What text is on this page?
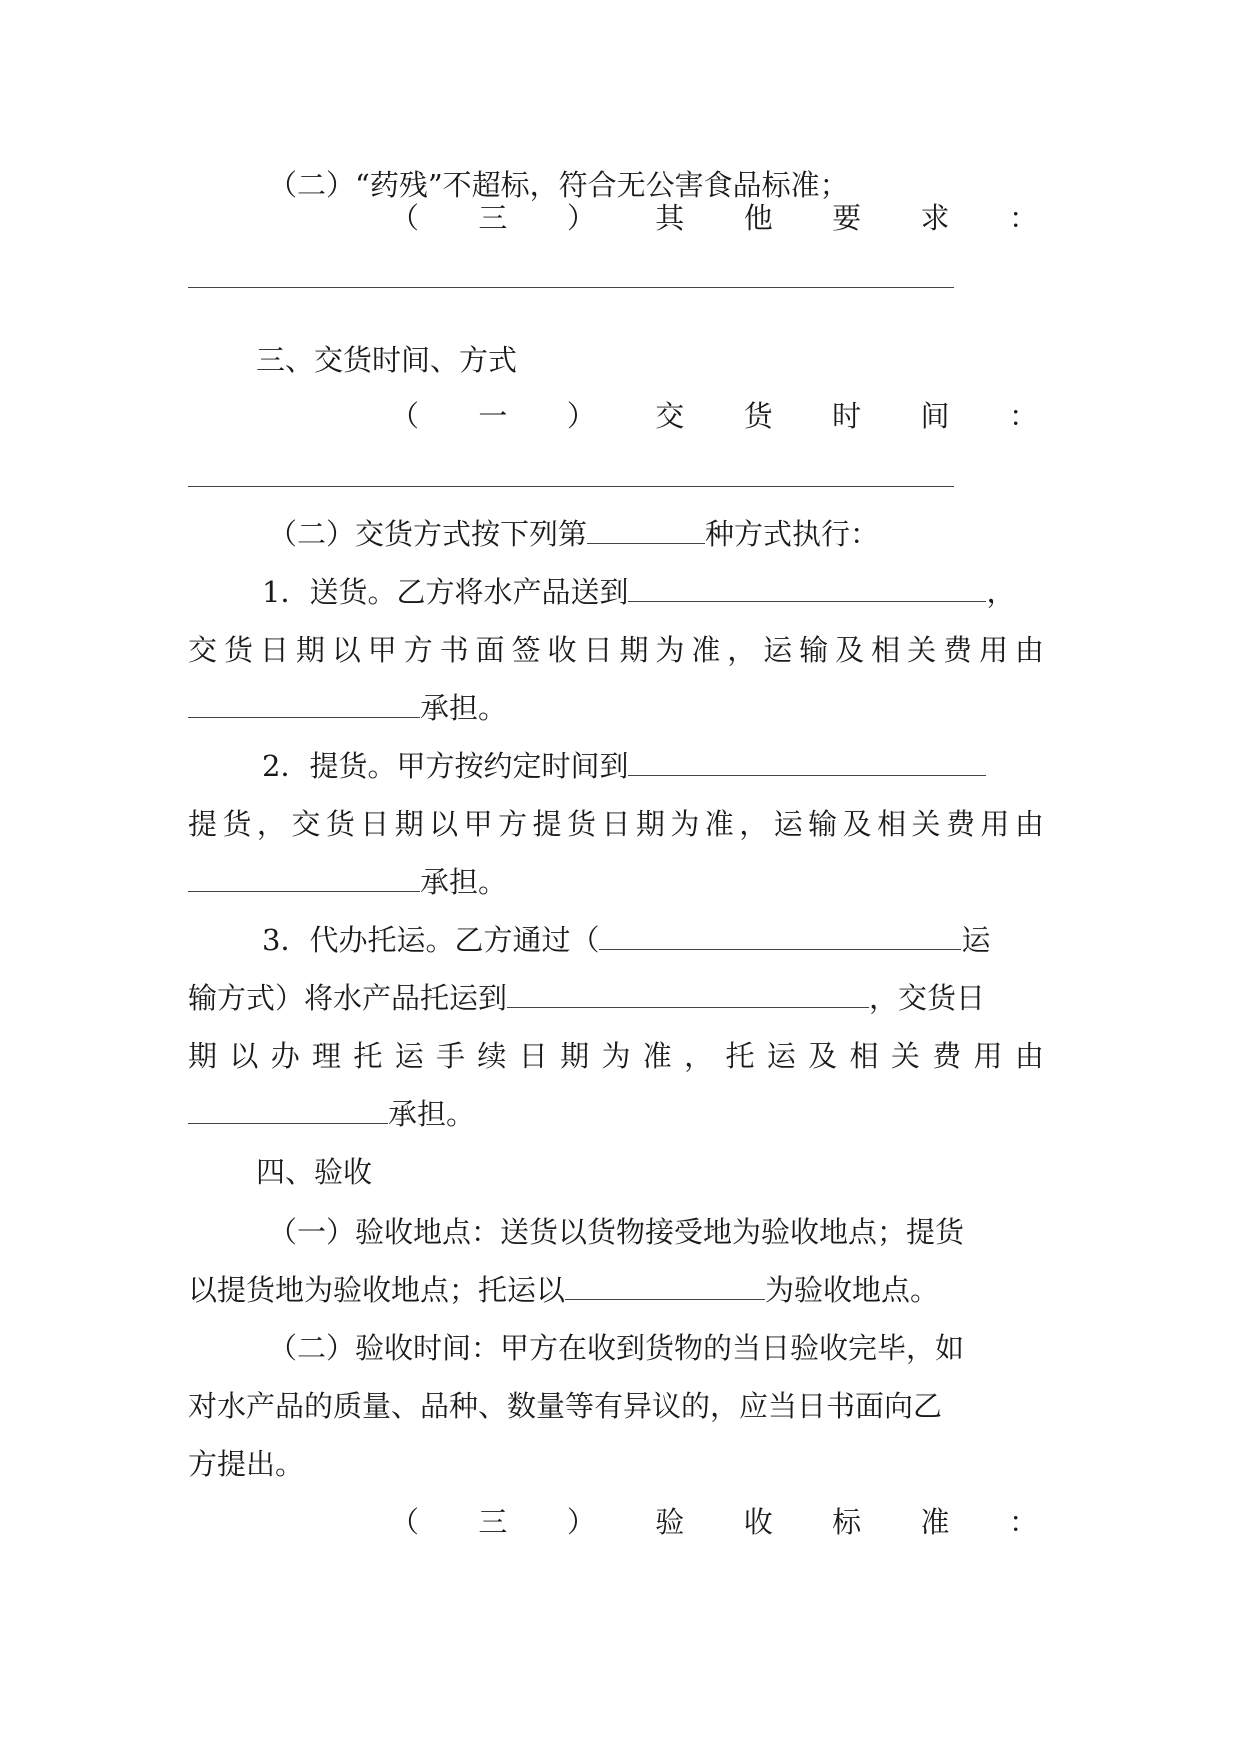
（二）“药残”不超标，符合无公害食品标准；
（ 三 ） 其 他 要 求 ：
三、交货时间、方式
（ 一 ） 交 货 时 间 ：
（二）交货方式按下列第	种方式执行：
1．送货。乙方将水产品送到	，
交 货 日 期 以 甲 方 书 面 签 收 日 期 为 准 ， 运 输 及 相 关 费 用 由
承担。
2．提货。甲方按约定时间到
提 货 ， 交 货 日 期 以 甲 方 提 货 日 期 为 准 ， 运 输 及 相 关 费 用 由
承担。
3．代办托运。乙方通过（	运
输方式）将水产品托运到	，交货日
期 以 办 理 托 运 手 续 日 期 为 准 ， 托 运 及 相 关 费 用 由
承担。
四、验收
（一）验收地点：送货以货物接受地为验收地点；提货
以提货地为验收地点；托运以	为验收地点。
（二）验收时间：甲方在收到货物的当日验收完毕，如
对水产品的质量、品种、数量等有异议的，应当日书面向乙
方提出。
（ 三 ） 验 收 标 准 ：
